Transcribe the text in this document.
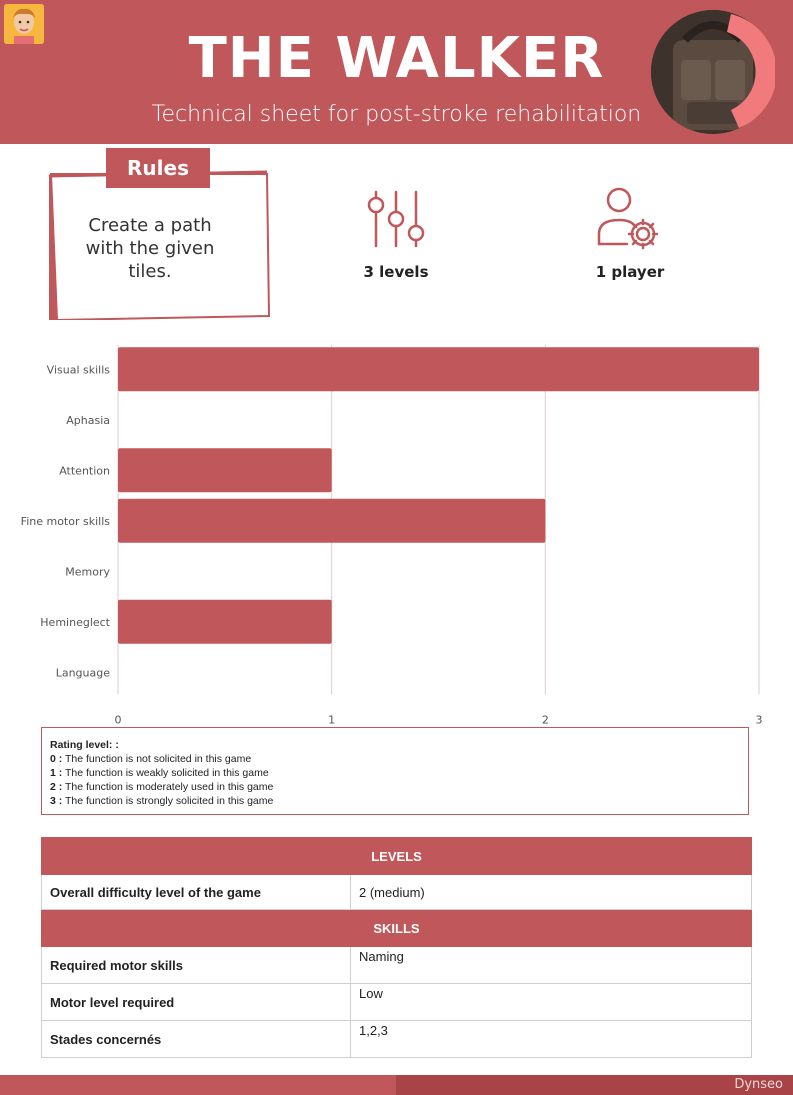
THE WALKER
Technical sheet for post-stroke rehabilitation
Rules
Create a path with the given tiles.	3 levels	1 player
0	1	2	3
Visual skills
Aphasia
Attention
Fine motor skills
Memory
Hemineglect
Language
Rating level: :
0 : The function is not solicited in this game
1 : The function is weakly solicited in this game
2 : The function is moderately used in this game
3 : The function is strongly solicited in this game
LEVELS	
Overall difficulty level of the game	2 (medium)
SKILLS	
Required motor skills	Naming
Motor level required	Low
Stades concernés	1,2,3
Dynseo
